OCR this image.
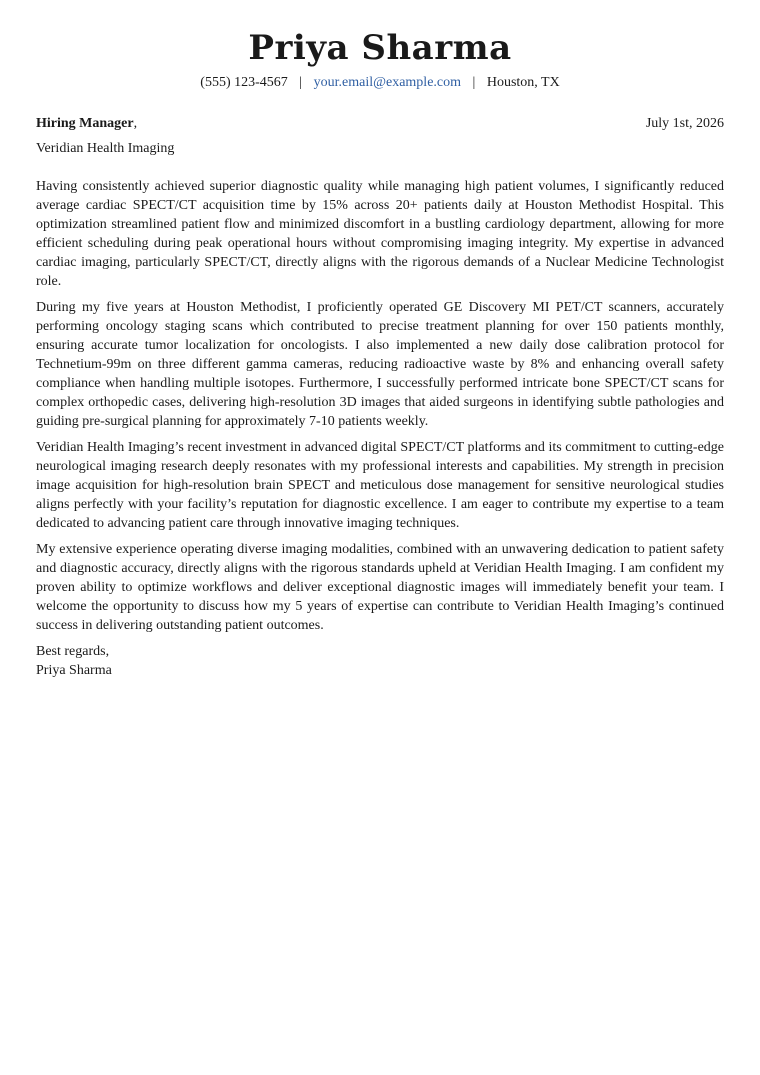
Priya Sharma
(555) 123-4567 | your.email@example.com | Houston, TX
Hiring Manager,	July 1st, 2026
Veridian Health Imaging

Having consistently achieved superior diagnostic quality while managing high patient volumes, I significantly reduced average cardiac SPECT/CT acquisition time by 15% across 20+ patients daily at Houston Methodist Hospital. This optimization streamlined patient flow and minimized discomfort in a bustling cardiology department, allowing for more efficient scheduling during peak operational hours without compromising imaging integrity. My expertise in advanced cardiac imaging, particularly SPECT/CT, directly aligns with the rigorous demands of a Nuclear Medicine Technologist role.

During my five years at Houston Methodist, I proficiently operated GE Discovery MI PET/CT scanners, accurately performing oncology staging scans which contributed to precise treatment planning for over 150 patients monthly, ensuring accurate tumor localization for oncologists. I also implemented a new daily dose calibration protocol for Technetium-99m on three different gamma cameras, reducing radioactive waste by 8% and enhancing overall safety compliance when handling multiple isotopes. Furthermore, I successfully performed intricate bone SPECT/CT scans for complex orthopedic cases, delivering high-resolution 3D images that aided surgeons in identifying subtle pathologies and guiding pre-surgical planning for approximately 7-10 patients weekly.

Veridian Health Imaging’s recent investment in advanced digital SPECT/CT platforms and its commitment to cutting-edge neurological imaging research deeply resonates with my professional interests and capabilities. My strength in precision image acquisition for high-resolution brain SPECT and meticulous dose management for sensitive neurological studies aligns perfectly with your facility’s reputation for diagnostic excellence. I am eager to contribute my expertise to a team dedicated to advancing patient care through innovative imaging techniques.

My extensive experience operating diverse imaging modalities, combined with an unwavering dedication to patient safety and diagnostic accuracy, directly aligns with the rigorous standards upheld at Veridian Health Imaging. I am confident my proven ability to optimize workflows and deliver exceptional diagnostic images will immediately benefit your team. I welcome the opportunity to discuss how my 5 years of expertise can contribute to Veridian Health Imaging’s continued success in delivering outstanding patient outcomes.

Best regards,
Priya Sharma
